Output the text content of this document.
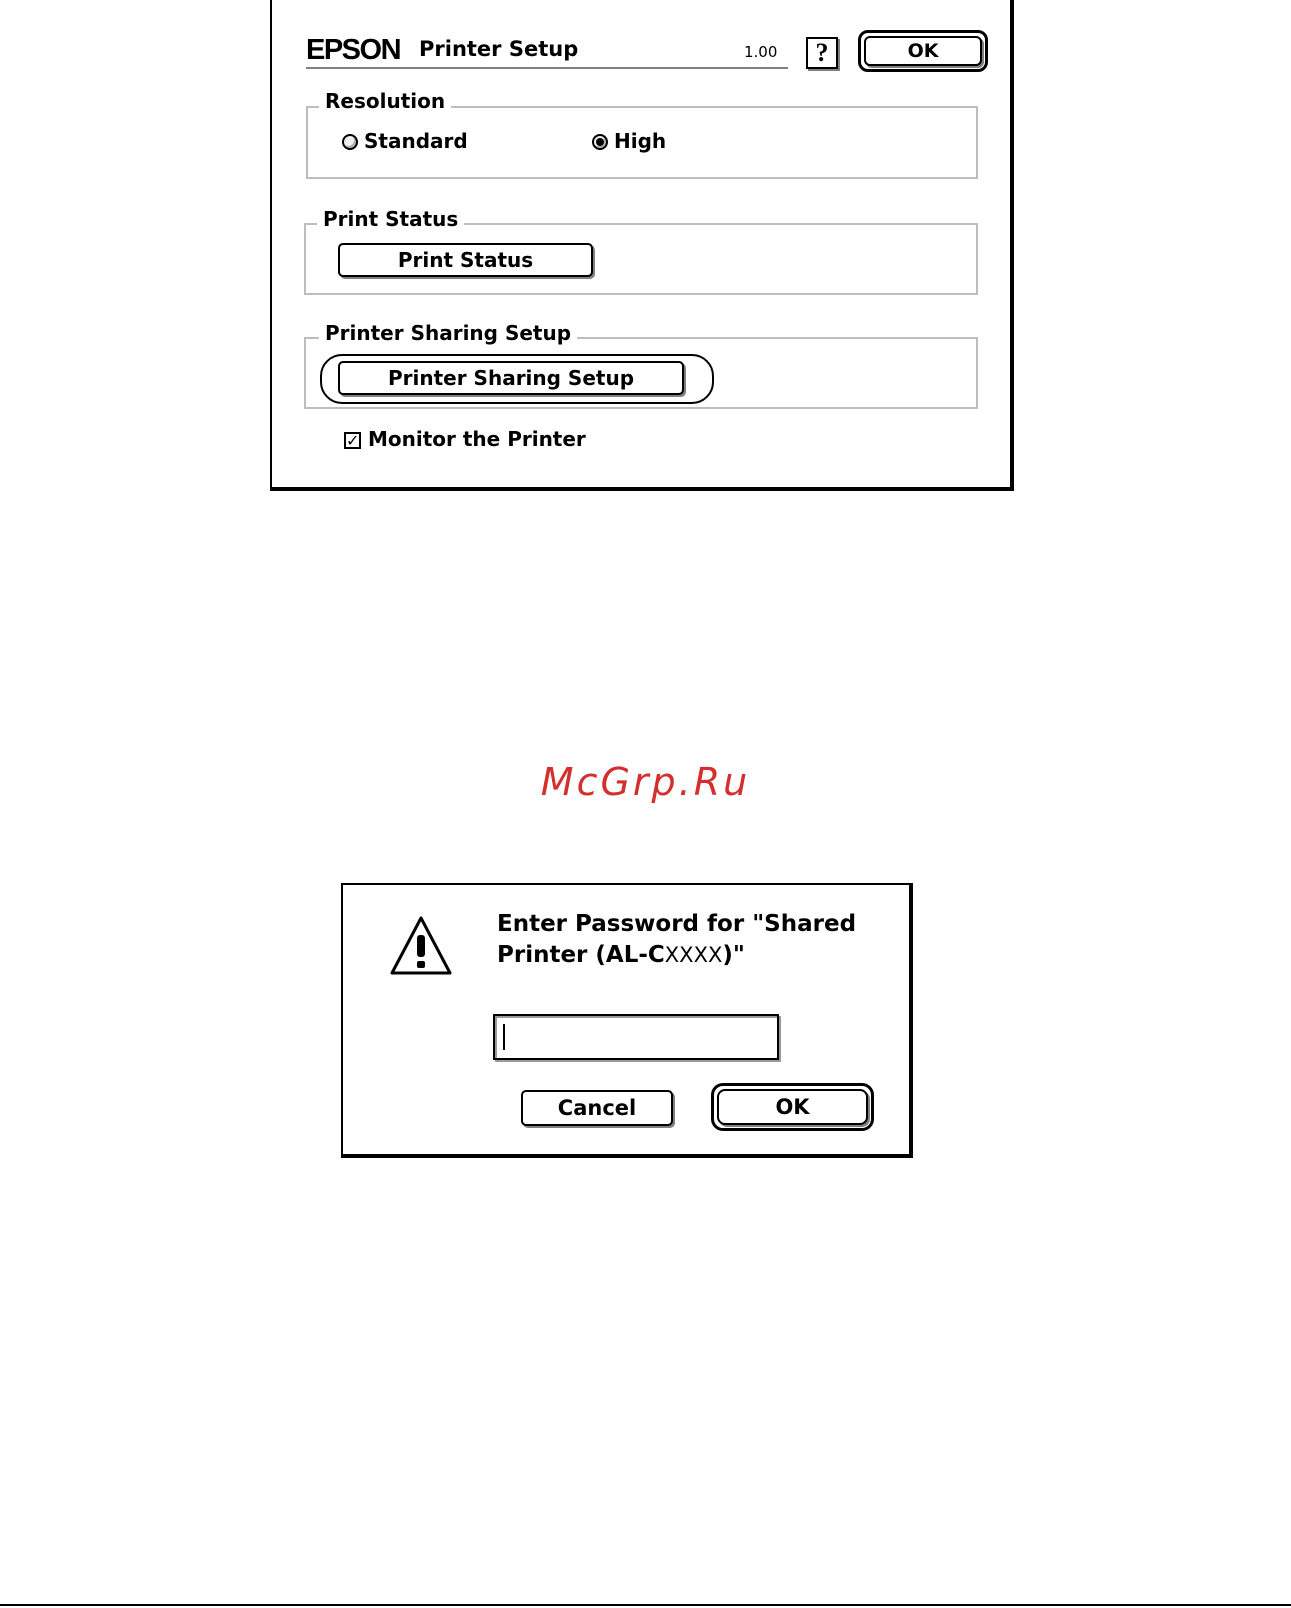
EPSON Printer Setup	1.00	?	OK
Resolution
Standard	High
Print Status
Print Status
Printer Sharing Setup
Printer Sharing Setup
✓ Monitor the Printer
McGrp.Ru
Enter Password for "Shared
Printer (AL-CXXXX)"
Cancel	OK
